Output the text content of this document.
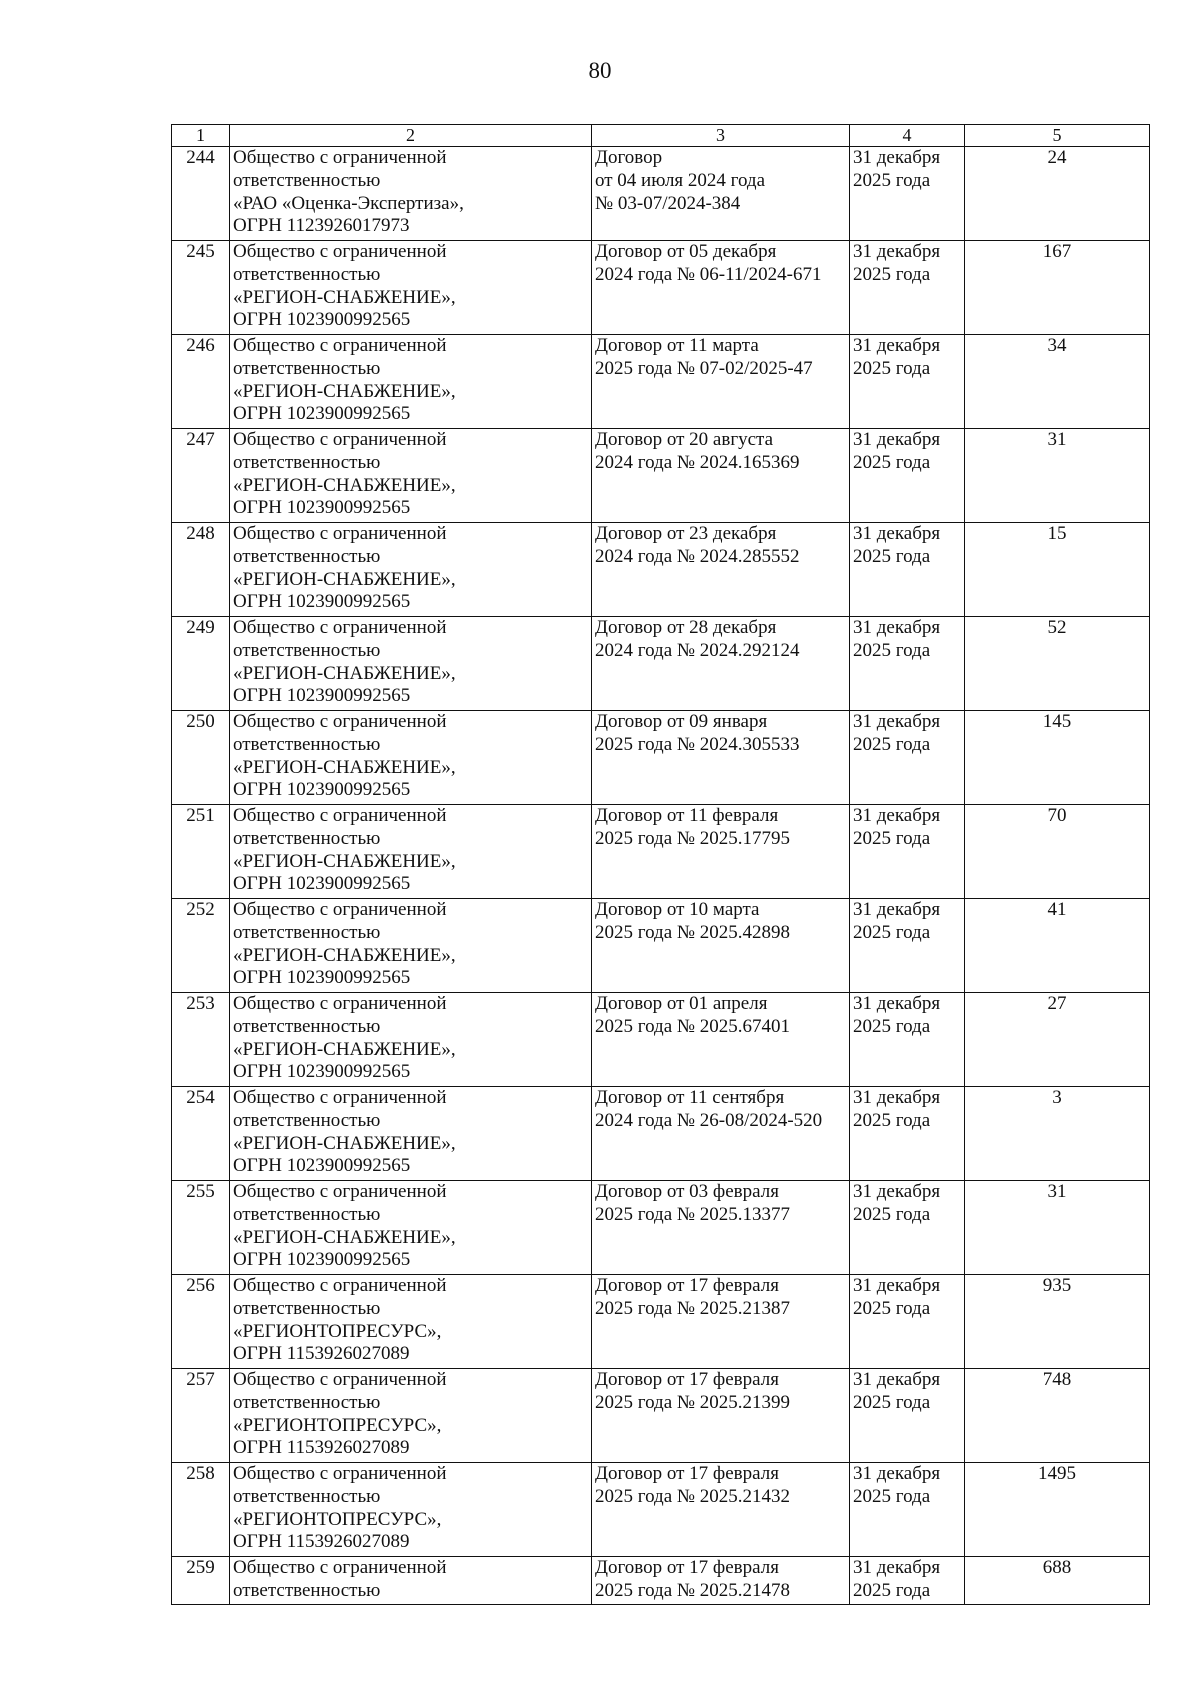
80
1	2	3	4	5
244	Общество с ограниченной
ответственностью
«РАО «Оценка-Экспертиза»,
ОГРН 1123926017973	Договор
от 04 июля 2024 года
№ 03-07/2024-384	31 декабря
2025 года	24
245	Общество с ограниченной
ответственностью
«РЕГИОН-СНАБЖЕНИЕ»,
ОГРН 1023900992565	Договор от 05 декабря
2024 года № 06-11/2024-671	31 декабря
2025 года	167
246	Общество с ограниченной
ответственностью
«РЕГИОН-СНАБЖЕНИЕ»,
ОГРН 1023900992565	Договор от 11 марта
2025 года № 07-02/2025-47	31 декабря
2025 года	34
247	Общество с ограниченной
ответственностью
«РЕГИОН-СНАБЖЕНИЕ»,
ОГРН 1023900992565	Договор от 20 августа
2024 года № 2024.165369	31 декабря
2025 года	31
248	Общество с ограниченной
ответственностью
«РЕГИОН-СНАБЖЕНИЕ»,
ОГРН 1023900992565	Договор от 23 декабря
2024 года № 2024.285552	31 декабря
2025 года	15
249	Общество с ограниченной
ответственностью
«РЕГИОН-СНАБЖЕНИЕ»,
ОГРН 1023900992565	Договор от 28 декабря
2024 года № 2024.292124	31 декабря
2025 года	52
250	Общество с ограниченной
ответственностью
«РЕГИОН-СНАБЖЕНИЕ»,
ОГРН 1023900992565	Договор от 09 января
2025 года № 2024.305533	31 декабря
2025 года	145
251	Общество с ограниченной
ответственностью
«РЕГИОН-СНАБЖЕНИЕ»,
ОГРН 1023900992565	Договор от 11 февраля
2025 года № 2025.17795	31 декабря
2025 года	70
252	Общество с ограниченной
ответственностью
«РЕГИОН-СНАБЖЕНИЕ»,
ОГРН 1023900992565	Договор от 10 марта
2025 года № 2025.42898	31 декабря
2025 года	41
253	Общество с ограниченной
ответственностью
«РЕГИОН-СНАБЖЕНИЕ»,
ОГРН 1023900992565	Договор от 01 апреля
2025 года № 2025.67401	31 декабря
2025 года	27
254	Общество с ограниченной
ответственностью
«РЕГИОН-СНАБЖЕНИЕ»,
ОГРН 1023900992565	Договор от 11 сентября
2024 года № 26-08/2024-520	31 декабря
2025 года	3
255	Общество с ограниченной
ответственностью
«РЕГИОН-СНАБЖЕНИЕ»,
ОГРН 1023900992565	Договор от 03 февраля
2025 года № 2025.13377	31 декабря
2025 года	31
256	Общество с ограниченной
ответственностью
«РЕГИОНТОПРЕСУРС»,
ОГРН 1153926027089	Договор от 17 февраля
2025 года № 2025.21387	31 декабря
2025 года	935
257	Общество с ограниченной
ответственностью
«РЕГИОНТОПРЕСУРС»,
ОГРН 1153926027089	Договор от 17 февраля
2025 года № 2025.21399	31 декабря
2025 года	748
258	Общество с ограниченной
ответственностью
«РЕГИОНТОПРЕСУРС»,
ОГРН 1153926027089	Договор от 17 февраля
2025 года № 2025.21432	31 декабря
2025 года	1495
259	Общество с ограниченной
ответственностью	Договор от 17 февраля
2025 года № 2025.21478	31 декабря
2025 года	688
